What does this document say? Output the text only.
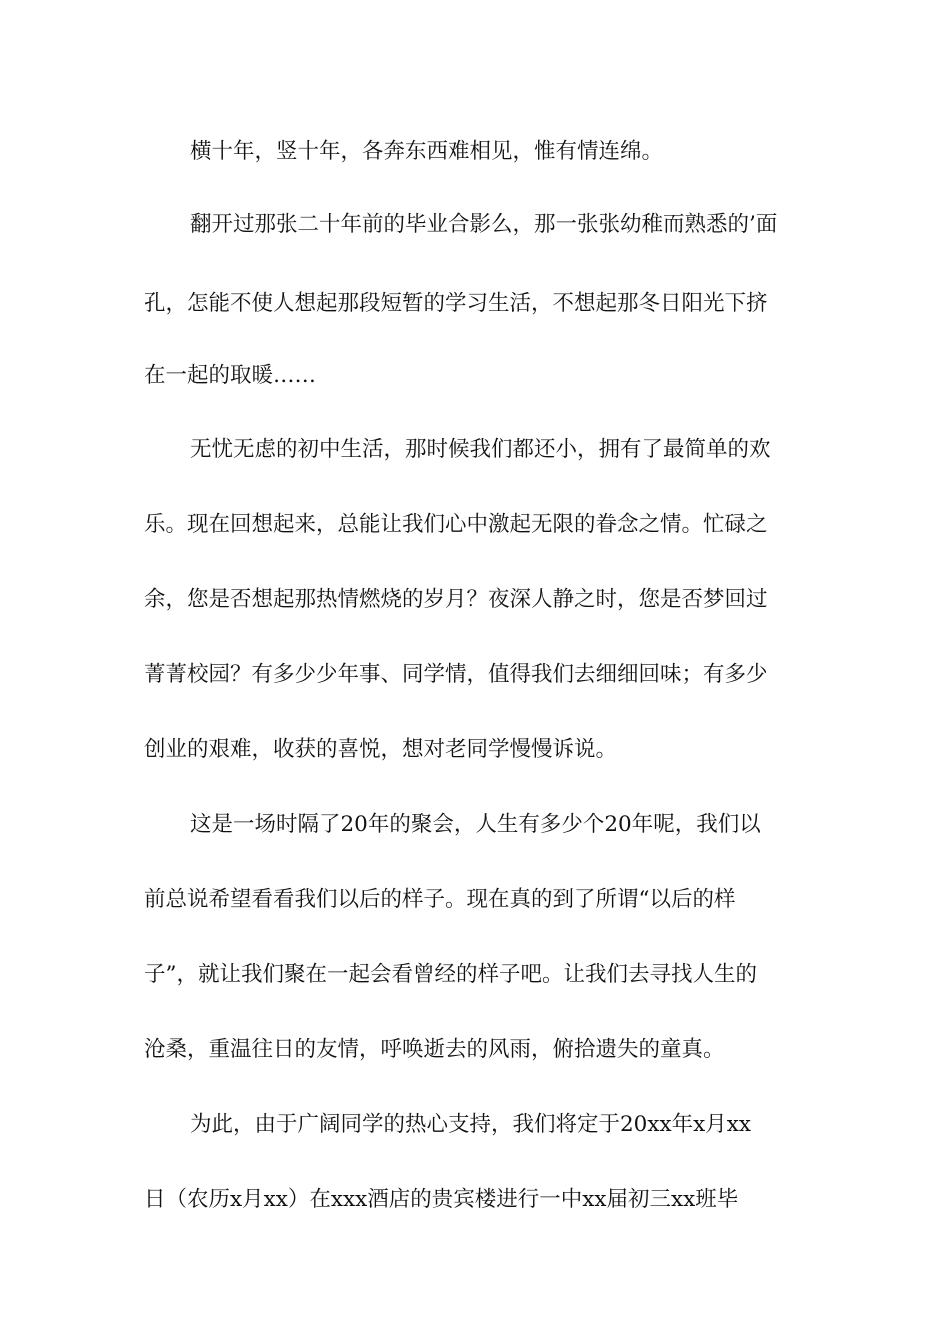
横十年，竖十年，各奔东西难相见，惟有情连绵。
翻开过那张二十年前的毕业合影么，那一张张幼稚而熟悉的’面
孔，怎能不使人想起那段短暂的学习生活，不想起那冬日阳光下挤
在一起的取暖……
无忧无虑的初中生活，那时候我们都还小，拥有了最简单的欢
乐。现在回想起来，总能让我们心中激起无限的眷念之情。忙碌之
余，您是否想起那热情燃烧的岁月？夜深人静之时，您是否梦回过
菁菁校园？有多少少年事、同学情，值得我们去细细回味；有多少
创业的艰难，收获的喜悦，想对老同学慢慢诉说。
这是一场时隔了20年的聚会，人生有多少个20年呢，我们以
前总说希望看看我们以后的样子。现在真的到了所谓“以后的样
子”，就让我们聚在一起会看曾经的样子吧。让我们去寻找人生的
沧桑，重温往日的友情，呼唤逝去的风雨，俯拾遗失的童真。
为此，由于广阔同学的热心支持，我们将定于20xx年x月xx
日（农历x月xx）在xxx酒店的贵宾楼进行一中xx届初三xx班毕
